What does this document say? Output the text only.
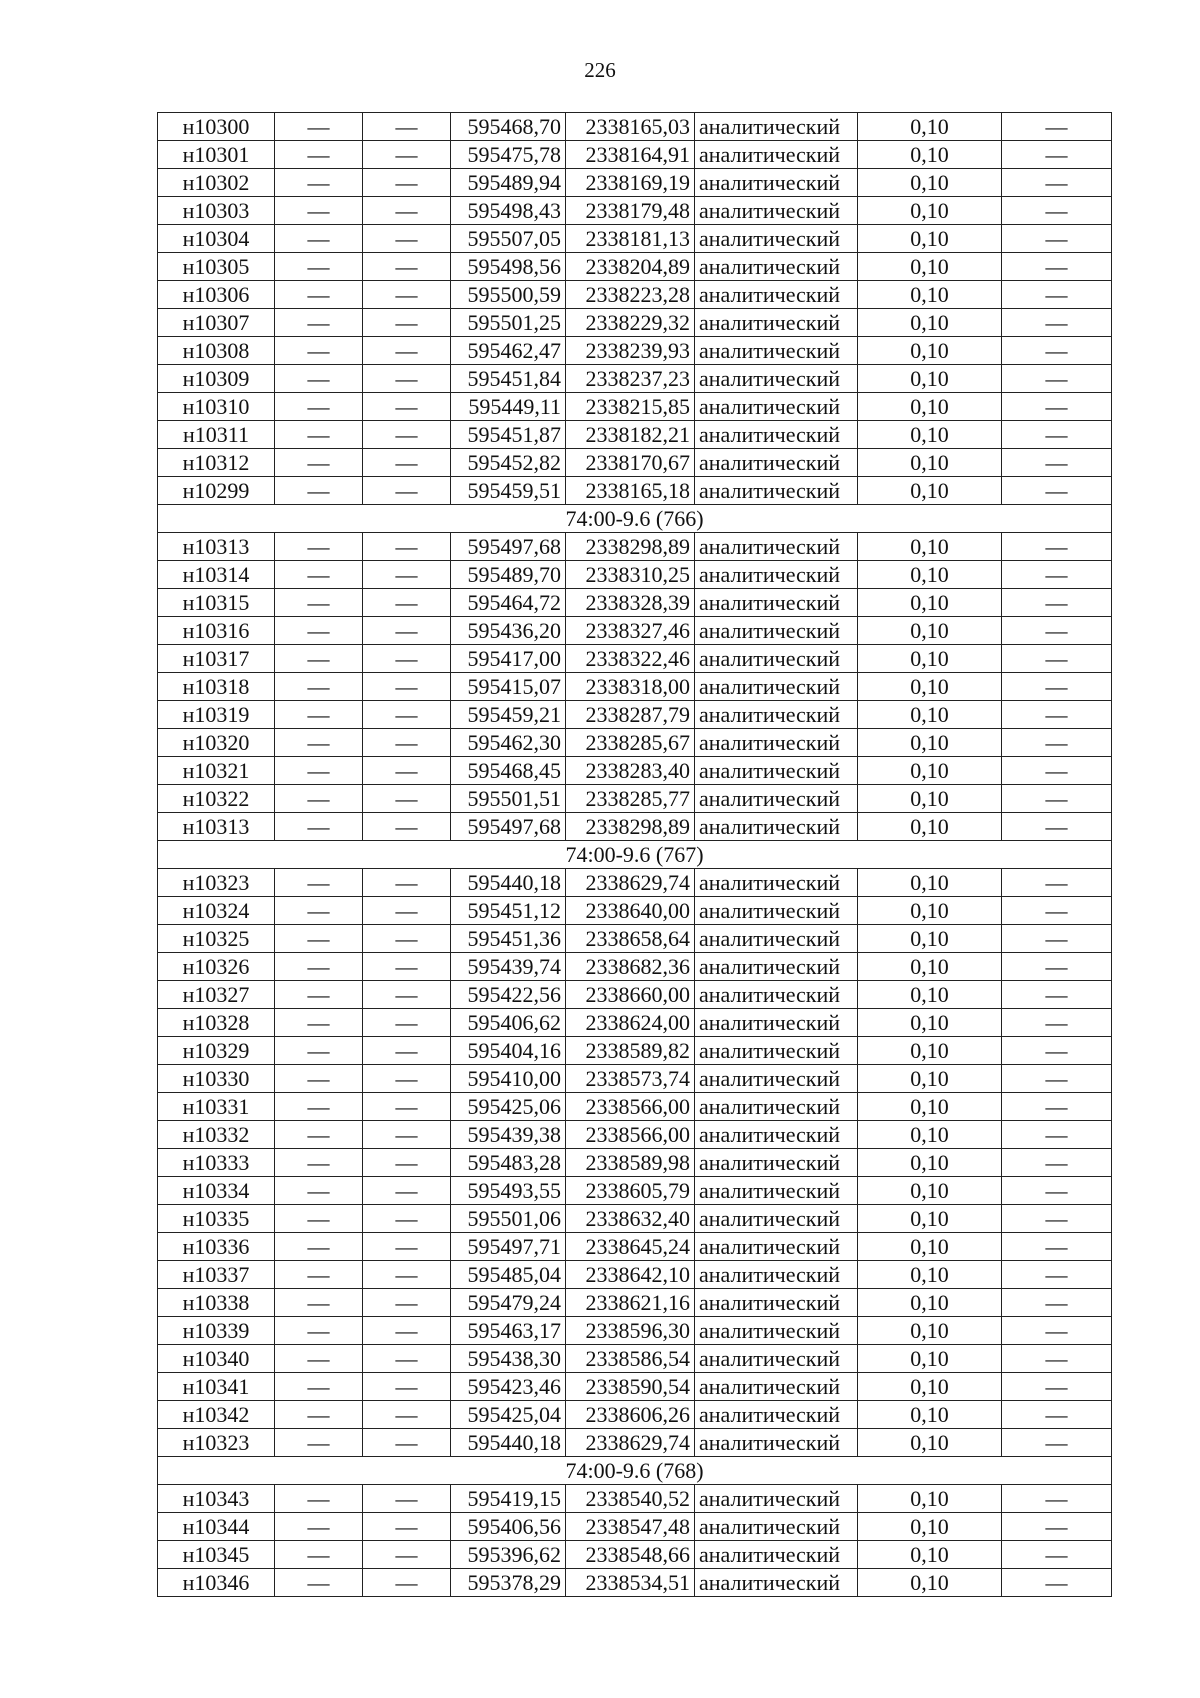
226
н10300	—	—	595468,70	2338165,03	аналитический	0,10	—
н10301	—	—	595475,78	2338164,91	аналитический	0,10	—
н10302	—	—	595489,94	2338169,19	аналитический	0,10	—
н10303	—	—	595498,43	2338179,48	аналитический	0,10	—
н10304	—	—	595507,05	2338181,13	аналитический	0,10	—
н10305	—	—	595498,56	2338204,89	аналитический	0,10	—
н10306	—	—	595500,59	2338223,28	аналитический	0,10	—
н10307	—	—	595501,25	2338229,32	аналитический	0,10	—
н10308	—	—	595462,47	2338239,93	аналитический	0,10	—
н10309	—	—	595451,84	2338237,23	аналитический	0,10	—
н10310	—	—	595449,11	2338215,85	аналитический	0,10	—
н10311	—	—	595451,87	2338182,21	аналитический	0,10	—
н10312	—	—	595452,82	2338170,67	аналитический	0,10	—
н10299	—	—	595459,51	2338165,18	аналитический	0,10	—
74:00-9.6 (766)							
н10313	—	—	595497,68	2338298,89	аналитический	0,10	—
н10314	—	—	595489,70	2338310,25	аналитический	0,10	—
н10315	—	—	595464,72	2338328,39	аналитический	0,10	—
н10316	—	—	595436,20	2338327,46	аналитический	0,10	—
н10317	—	—	595417,00	2338322,46	аналитический	0,10	—
н10318	—	—	595415,07	2338318,00	аналитический	0,10	—
н10319	—	—	595459,21	2338287,79	аналитический	0,10	—
н10320	—	—	595462,30	2338285,67	аналитический	0,10	—
н10321	—	—	595468,45	2338283,40	аналитический	0,10	—
н10322	—	—	595501,51	2338285,77	аналитический	0,10	—
н10313	—	—	595497,68	2338298,89	аналитический	0,10	—
74:00-9.6 (767)							
н10323	—	—	595440,18	2338629,74	аналитический	0,10	—
н10324	—	—	595451,12	2338640,00	аналитический	0,10	—
н10325	—	—	595451,36	2338658,64	аналитический	0,10	—
н10326	—	—	595439,74	2338682,36	аналитический	0,10	—
н10327	—	—	595422,56	2338660,00	аналитический	0,10	—
н10328	—	—	595406,62	2338624,00	аналитический	0,10	—
н10329	—	—	595404,16	2338589,82	аналитический	0,10	—
н10330	—	—	595410,00	2338573,74	аналитический	0,10	—
н10331	—	—	595425,06	2338566,00	аналитический	0,10	—
н10332	—	—	595439,38	2338566,00	аналитический	0,10	—
н10333	—	—	595483,28	2338589,98	аналитический	0,10	—
н10334	—	—	595493,55	2338605,79	аналитический	0,10	—
н10335	—	—	595501,06	2338632,40	аналитический	0,10	—
н10336	—	—	595497,71	2338645,24	аналитический	0,10	—
н10337	—	—	595485,04	2338642,10	аналитический	0,10	—
н10338	—	—	595479,24	2338621,16	аналитический	0,10	—
н10339	—	—	595463,17	2338596,30	аналитический	0,10	—
н10340	—	—	595438,30	2338586,54	аналитический	0,10	—
н10341	—	—	595423,46	2338590,54	аналитический	0,10	—
н10342	—	—	595425,04	2338606,26	аналитический	0,10	—
н10323	—	—	595440,18	2338629,74	аналитический	0,10	—
74:00-9.6 (768)							
н10343	—	—	595419,15	2338540,52	аналитический	0,10	—
н10344	—	—	595406,56	2338547,48	аналитический	0,10	—
н10345	—	—	595396,62	2338548,66	аналитический	0,10	—
н10346	—	—	595378,29	2338534,51	аналитический	0,10	—
